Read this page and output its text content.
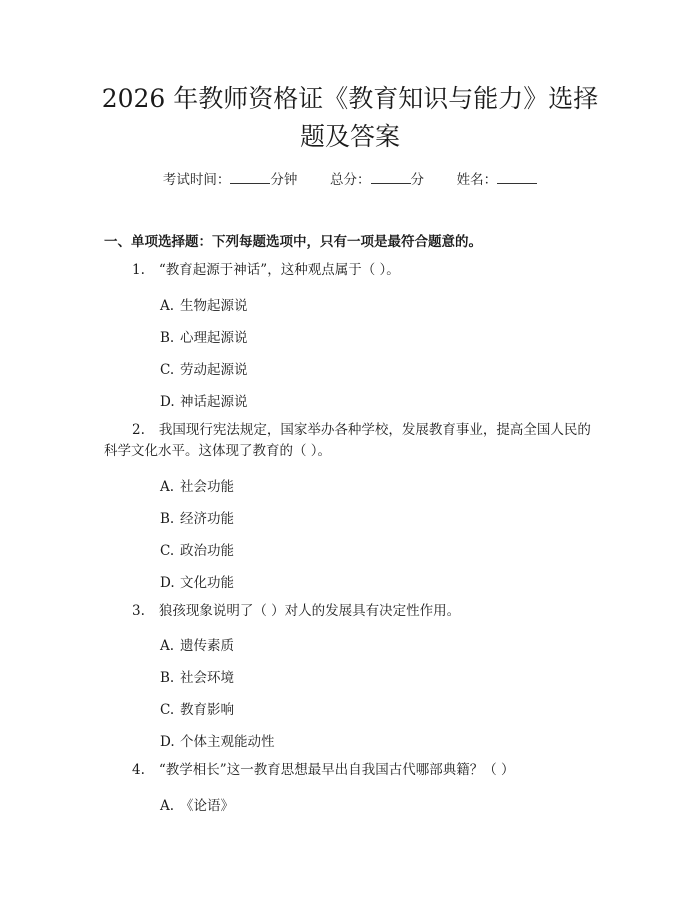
2026 年教师资格证《教育知识与能力》选择
题及答案
考试时间：	分钟 总分：	分 姓名：
一、单项选择题：下列每题选项中，只有一项是最符合题意的。
1. “教育起源于神话”，这种观点属于（ ）。
A. 生物起源说
B. 心理起源说
C. 劳动起源说
D. 神话起源说
2. 我国现行宪法规定，国家举办各种学校，发展教育事业，提高全国人民的科学文化水平。这体现了教育的（ ）。
A. 社会功能
B. 经济功能
C. 政治功能
D. 文化功能
3. 狼孩现象说明了（ ）对人的发展具有决定性作用。
A. 遗传素质
B. 社会环境
C. 教育影响
D. 个体主观能动性
4. “教学相长”这一教育思想最早出自我国古代哪部典籍？（ ）
A. 《论语》
